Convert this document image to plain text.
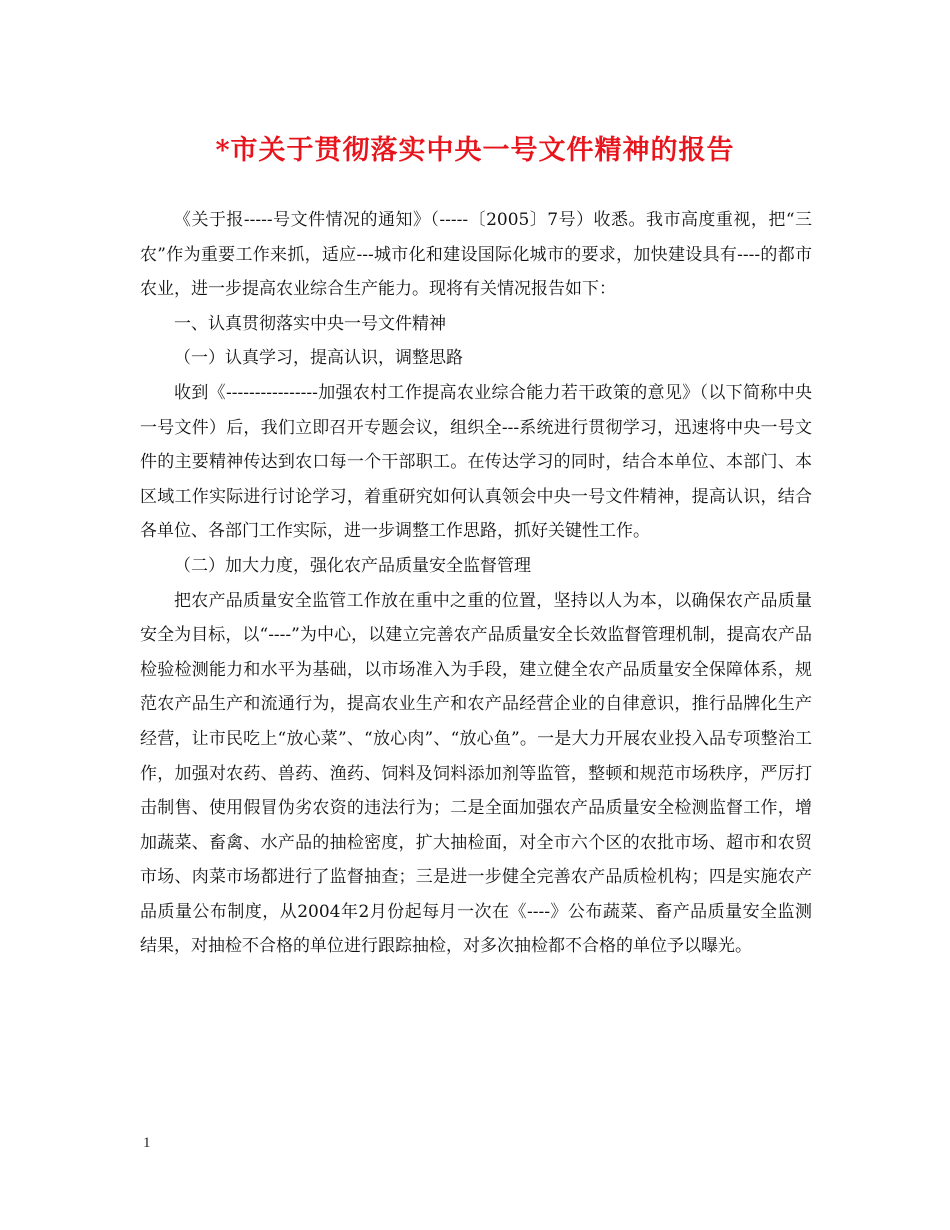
*市关于贯彻落实中央一号文件精神的报告

《关于报-----号文件情况的通知》（-----〔2005〕7号）收悉。我市高度重视，把“三农”作为重要工作来抓，适应---城市化和建设国际化城市的要求，加快建设具有----的都市农业，进一步提高农业综合生产能力。现将有关情况报告如下：

一、认真贯彻落实中央一号文件精神

（一）认真学习，提高认识，调整思路

收到《----------------加强农村工作提高农业综合能力若干政策的意见》（以下简称中央一号文件）后，我们立即召开专题会议，组织全---系统进行贯彻学习，迅速将中央一号文件的主要精神传达到农口每一个干部职工。在传达学习的同时，结合本单位、本部门、本区域工作实际进行讨论学习，着重研究如何认真领会中央一号文件精神，提高认识，结合各单位、各部门工作实际，进一步调整工作思路，抓好关键性工作。

（二）加大力度，强化农产品质量安全监督管理

把农产品质量安全监管工作放在重中之重的位置，坚持以人为本，以确保农产品质量安全为目标，以“----”为中心，以建立完善农产品质量安全长效监督管理机制，提高农产品检验检测能力和水平为基础，以市场准入为手段，建立健全农产品质量安全保障体系，规范农产品生产和流通行为，提高农业生产和农产品经营企业的自律意识，推行品牌化生产经营，让市民吃上“放心菜”、“放心肉”、“放心鱼”。一是大力开展农业投入品专项整治工作，加强对农药、兽药、渔药、饲料及饲料添加剂等监管，整顿和规范市场秩序，严厉打击制售、使用假冒伪劣农资的违法行为；二是全面加强农产品质量安全检测监督工作，增加蔬菜、畜禽、水产品的抽检密度，扩大抽检面，对全市六个区的农批市场、超市和农贸市场、肉菜市场都进行了监督抽查；三是进一步健全完善农产品质检机构；四是实施农产品质量公布制度，从2004年2月份起每月一次在《----》公布蔬菜、畜产品质量安全监测结果，对抽检不合格的单位进行跟踪抽检，对多次抽检都不合格的单位予以曝光。

1
